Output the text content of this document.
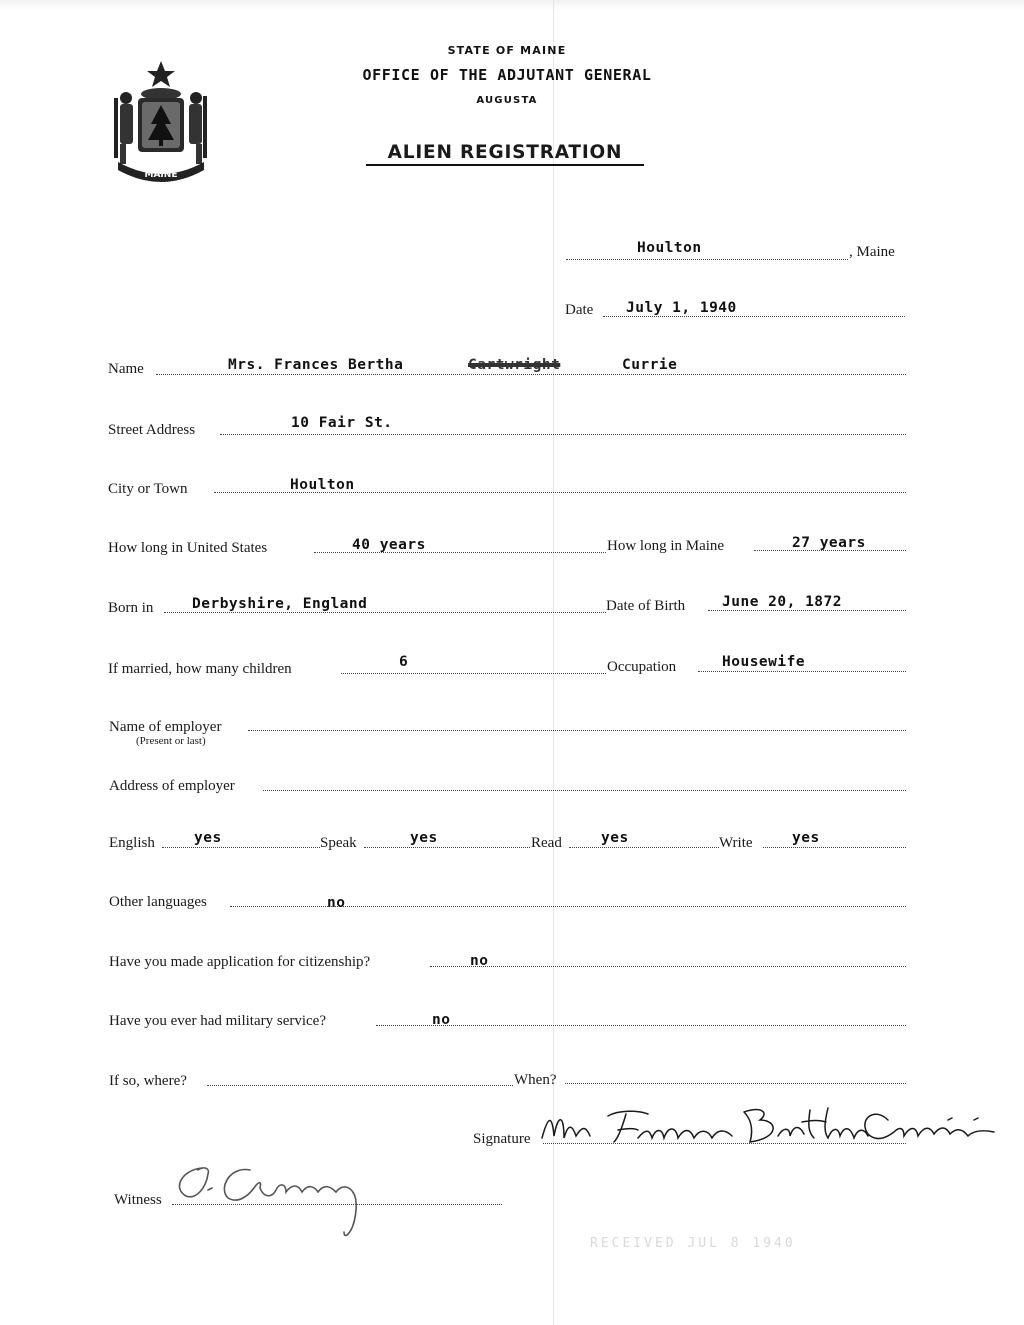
MAINE
STATE OF MAINE
OFFICE OF THE ADJUTANT GENERAL
AUGUSTA
ALIEN REGISTRATION
Houlton	, Maine
Date July 1, 1940
Name	Mrs. Frances Bertha	Cartwright	Currie
Street Address	10 Fair St.
City or Town	Houlton
How long in United States	40 years	How long in Maine	27 years
Born in	Derbyshire, England	Date of Birth	June 20, 1872
If married, how many children	6	Occupation	Housewife
Name of employer
(Present or last)
Address of employer
English	yes	Speak	yes	Read	yes	Write	yes
Other languages	no
Have you made application for citizenship?	no
Have you ever had military service?	no
If so, where?	When?
Signature
Witness
RECEIVED JUL 8 1940
